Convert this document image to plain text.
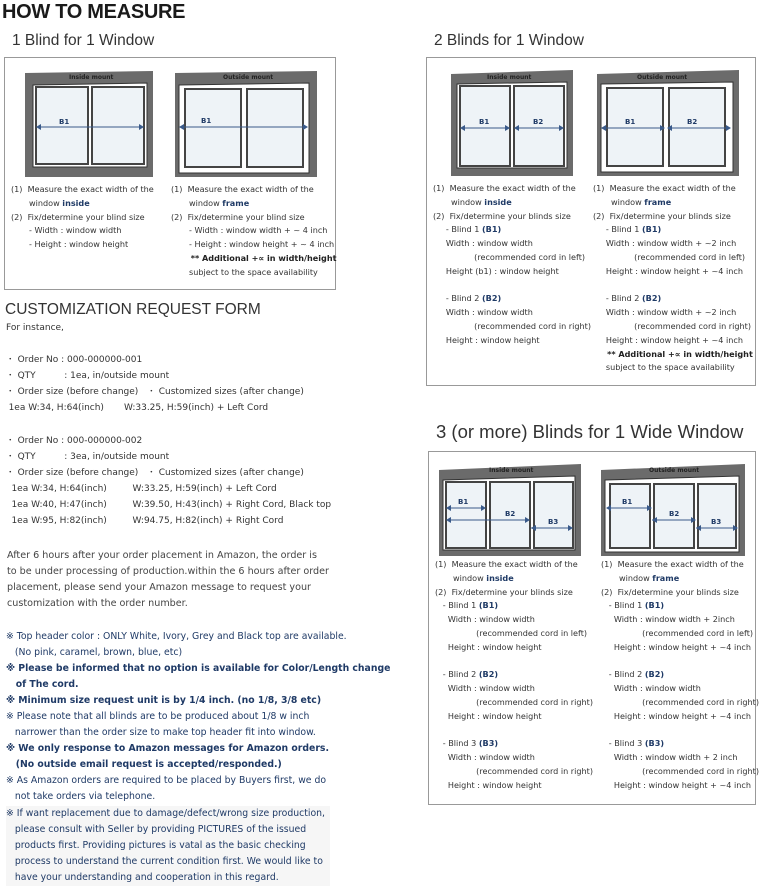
HOW TO MEASURE
1 Blind for 1 Window
B1
Inside mount
B1
Outside mount
(1)  Measure the exact width of the
window inside
(2)  Fix/determine your blind size
- Width : window width
- Height : window height
(1)  Measure the exact width of the
window frame
(2)  Fix/determine your blind size
- Width : window width + ~ 4 inch
- Height : window height + ~ 4 inch
** Additional +∝ in width/height
subject to the space availability
2 Blinds for 1 Window
B1	B2
Inside mount
B1	B2
Outside mount
(1)  Measure the exact width of the
window inside
(2)  Fix/determine your blinds size
- Blind 1 (B1)
Width : window width
(recommended cord in left)
Height (b1) : window height

- Blind 2 (B2)
Width : window width
(recommended cord in right)
Height : window height
(1)  Measure the exact width of the
window frame
(2)  Fix/determine your blinds size
- Blind 1 (B1)
Width : window width + ~2 inch
(recommended cord in left)
Height : window height + ~4 inch

- Blind 2 (B2)
Width : window width + ~2 inch
(recommended cord in right)
Height : window height + ~4 inch
** Additional +∝ in width/height
subject to the space availability
3 (or more) Blinds for 1 Wide Window
B1
B2
B3
Inside mount
B1
B2
B3
Outside mount
(1)  Measure the exact width of the
window inside
(2)  Fix/determine your blinds size
- Blind 1 (B1)
Width : window width
(recommended cord in left)
Height : window height

- Blind 2 (B2)
Width : window width
(recommended cord in right)
Height : window height

- Blind 3 (B3)
Width : window width
(recommended cord in right)
Height : window height
(1)  Measure the exact width of the
window frame
(2)  Fix/determine your blinds size
- Blind 1 (B1)
Width : window width + 2inch
(recommended cord in left)
Height : window height + ~4 inch

- Blind 2 (B2)
Width : window width
(recommended cord in right)
Height : window height + ~4 inch

- Blind 3 (B3)
Width : window width + 2 inch
(recommended cord in right)
Height : window height + ~4 inch
CUSTOMIZATION REQUEST FORM
For instance,
・ Order No : 000-000000-001
・ QTY          : 1ea, in/outside mount
・ Order size (before change)   ・ Customized sizes (after change)
1ea W:34, H:64(inch)       W:33.25, H:59(inch) + Left Cord
・ Order No : 000-000000-002
・ QTY          : 3ea, in/outside mount
・ Order size (before change)   ・ Customized sizes (after change)
1ea W:34, H:64(inch)         W:33.25, H:59(inch) + Left Cord
1ea W:40, H:47(inch)         W:39.50, H:43(inch) + Right Cord, Black top
1ea W:95, H:82(inch)         W:94.75, H:82(inch) + Right Cord
After 6 hours after your order placement in Amazon, the order is to be under processing of production.within the 6 hours after order placement, please send your Amazon message to request your customization with the order number.
※ Top header color : ONLY White, Ivory, Grey and Black top are available.
(No pink, caramel, brown, blue, etc)
※ Please be informed that no option is available for Color/Length change
of The cord.
※ Minimum size request unit is by 1/4 inch. (no 1/8, 3/8 etc)
※ Please note that all blinds are to be produced about 1/8 w inch
narrower than the order size to make top header fit into window.
※ We only response to Amazon messages for Amazon orders.
(No outside email request is accepted/responded.)
※ As Amazon orders are required to be placed by Buyers first, we do
not take orders via telephone.
※ If want replacement due to damage/defect/wrong size production,
please consult with Seller by providing PICTURES of the issued
products first. Providing pictures is vatal as the basic checking
process to understand the current condition first. We would like to
have your understanding and cooperation in this regard.
